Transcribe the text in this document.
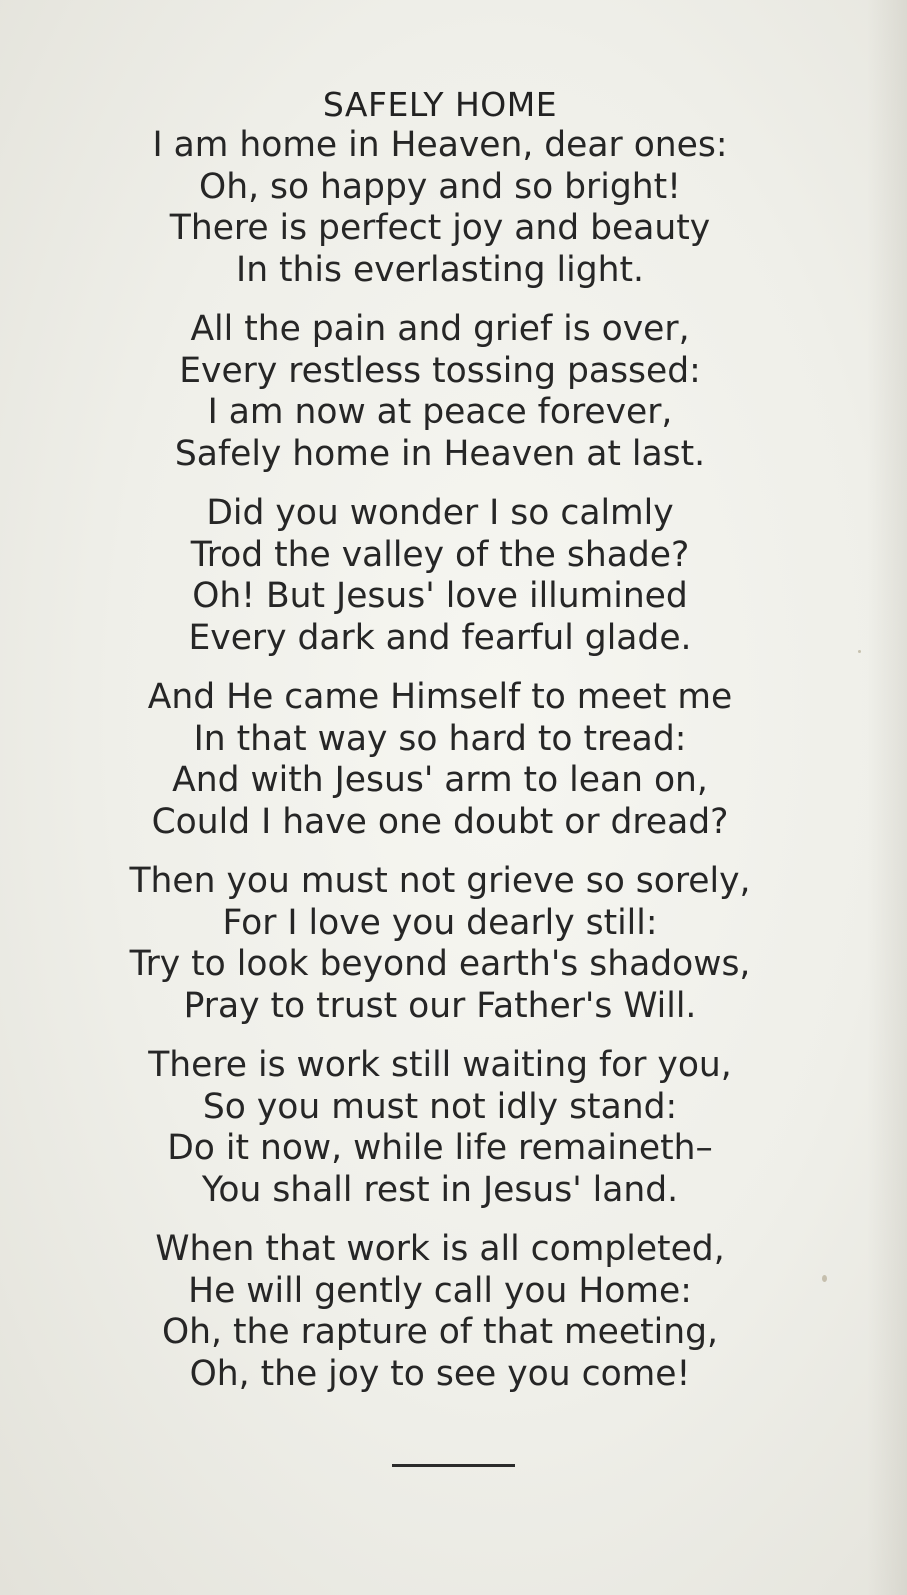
SAFELY HOME
I am home in Heaven, dear ones:
Oh, so happy and so bright!
There is perfect joy and beauty
In this everlasting light.
All the pain and grief is over,
Every restless tossing passed:
I am now at peace forever,
Safely home in Heaven at last.
Did you wonder I so calmly
Trod the valley of the shade?
Oh! But Jesus' love illumined
Every dark and fearful glade.
And He came Himself to meet me
In that way so hard to tread:
And with Jesus' arm to lean on,
Could I have one doubt or dread?
Then you must not grieve so sorely,
For I love you dearly still:
Try to look beyond earth's shadows,
Pray to trust our Father's Will.
There is work still waiting for you,
So you must not idly stand:
Do it now, while life remaineth–
You shall rest in Jesus' land.
When that work is all completed,
He will gently call you Home:
Oh, the rapture of that meeting,
Oh, the joy to see you come!
